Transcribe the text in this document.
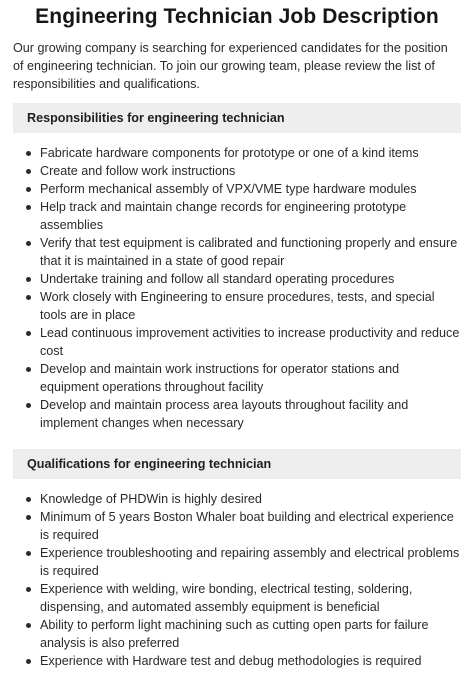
Engineering Technician Job Description

Our growing company is searching for experienced candidates for the position of engineering technician. To join our growing team, please review the list of responsibilities and qualifications.

Responsibilities for engineering technician
Fabricate hardware components for prototype or one of a kind items
Create and follow work instructions
Perform mechanical assembly of VPX/VME type hardware modules
Help track and maintain change records for engineering prototype assemblies
Verify that test equipment is calibrated and functioning properly and ensure that it is maintained in a state of good repair
Undertake training and follow all standard operating procedures
Work closely with Engineering to ensure procedures, tests, and special tools are in place
Lead continuous improvement activities to increase productivity and reduce cost
Develop and maintain work instructions for operator stations and equipment operations throughout facility
Develop and maintain process area layouts throughout facility and implement changes when necessary
Qualifications for engineering technician
Knowledge of PHDWin is highly desired
Minimum of 5 years Boston Whaler boat building and electrical experience is required
Experience troubleshooting and repairing assembly and electrical problems is required
Experience with welding, wire bonding, electrical testing, soldering, dispensing, and automated assembly equipment is beneficial
Ability to perform light machining such as cutting open parts for failure analysis is also preferred
Experience with Hardware test and debug methodologies is required
